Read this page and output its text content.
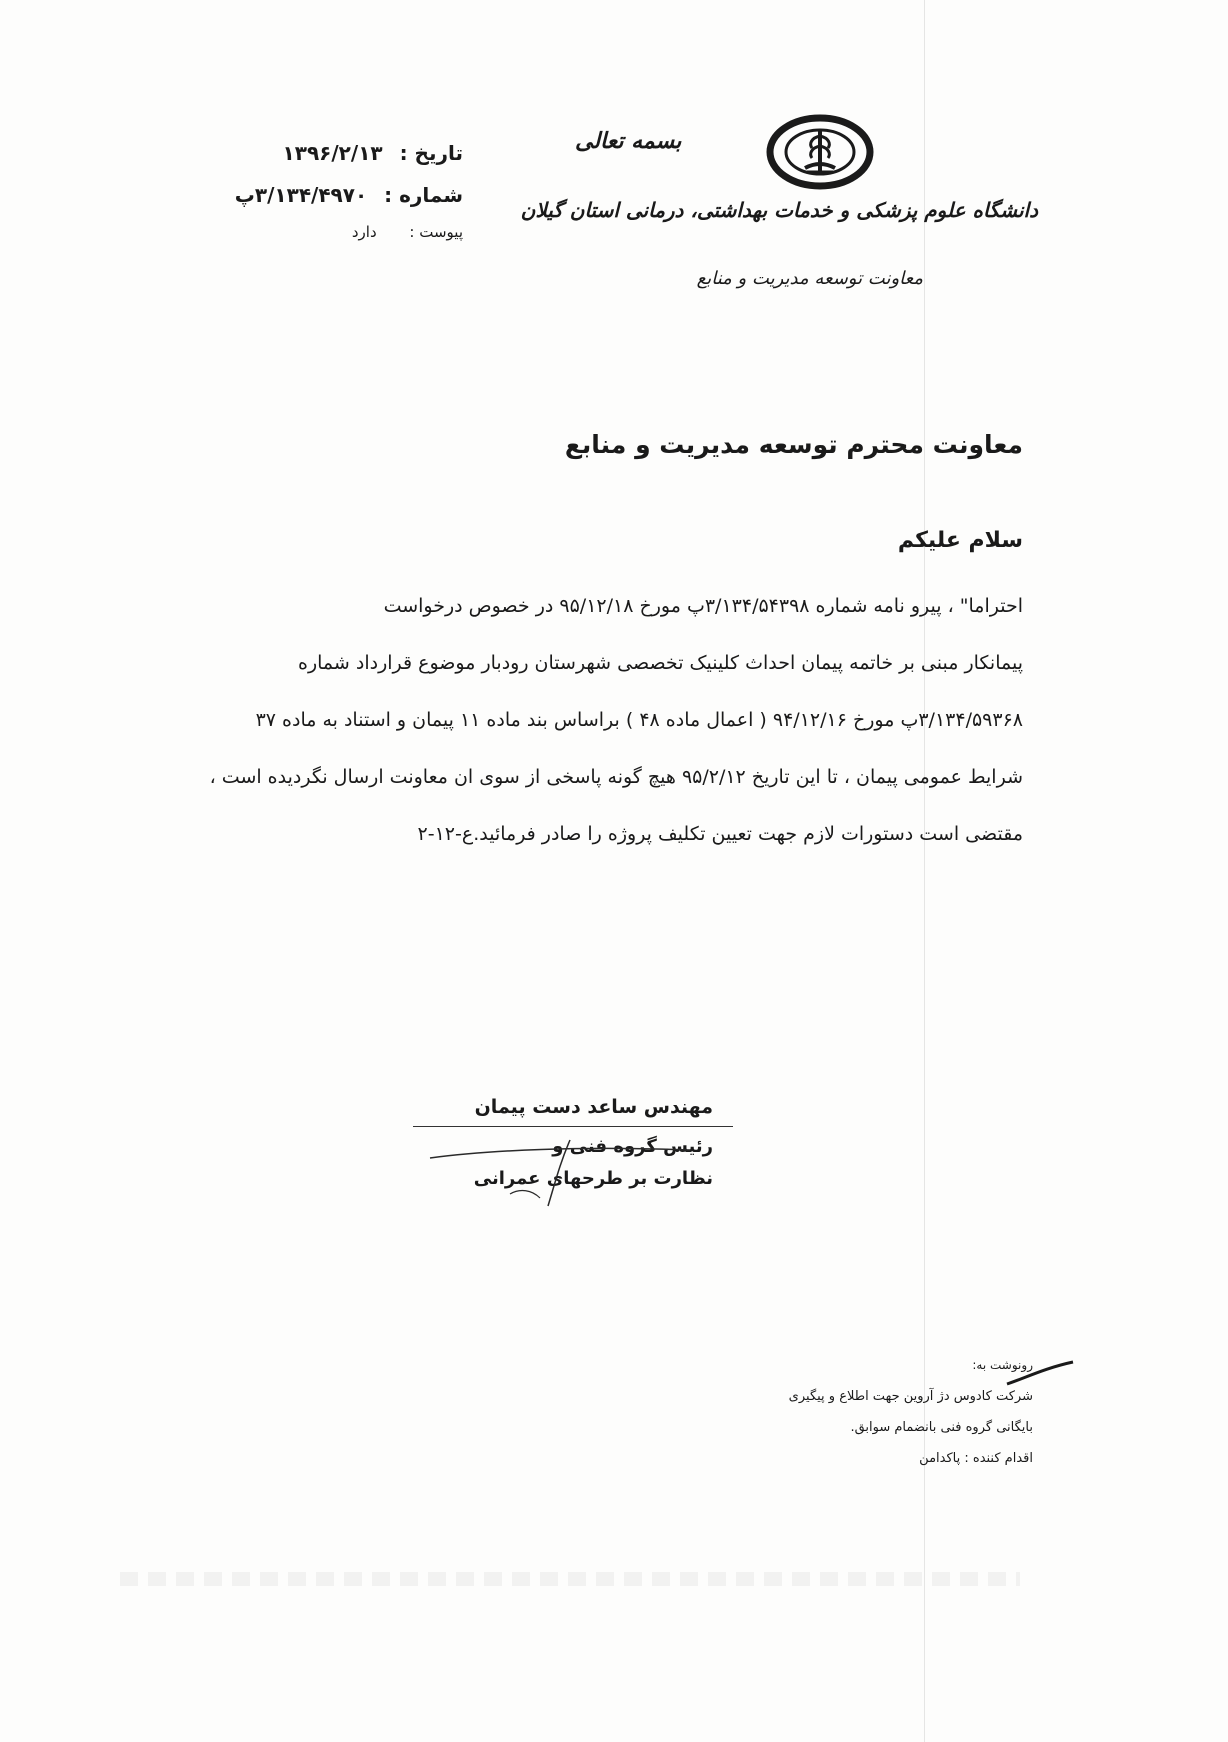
تاریخ : ۱۳۹۶/۲/۱۳
شماره : ۳/۱۳۴/۴۹۷۰پ
پیوست : دارد
بسمه تعالی
دانشگاه علوم پزشکی و خدمات بهداشتی، درمانی استان گیلان
معاونت توسعه مدیریت و منابع
معاونت محترم توسعه مدیریت و منابع
سلام علیکم
احتراما" ، پیرو نامه شماره ۳/۱۳۴/۵۴۳۹۸پ مورخ ۹۵/۱۲/۱۸ در خصوص درخواست
پیمانکار مبنی بر خاتمه پیمان احداث کلینیک تخصصی شهرستان رودبار موضوع قرارداد شماره
۳/۱۳۴/۵۹۳۶۸پ مورخ ۹۴/۱۲/۱۶ ( اعمال ماده ۴۸ ) براساس بند ماده ۱۱ پیمان و استناد به ماده ۳۷
شرایط عمومی پیمان ، تا این تاریخ ۹۵/۲/۱۲ هیچ گونه پاسخی از سوی ان معاونت ارسال نگردیده است ،
مقتضی است دستورات لازم جهت تعیین تکلیف پروژه را صادر فرمائید.ع-۱۲-۲
مهندس ساعد دست پیمان
رئیس گروه فنی و
نظارت بر طرحهای عمرانی
رونوشت به:
شرکت کادوس دژ آروین جهت اطلاع و پیگیری
بایگانی گروه فنی بانضمام سوابق.
اقدام کننده : پاکدامن
